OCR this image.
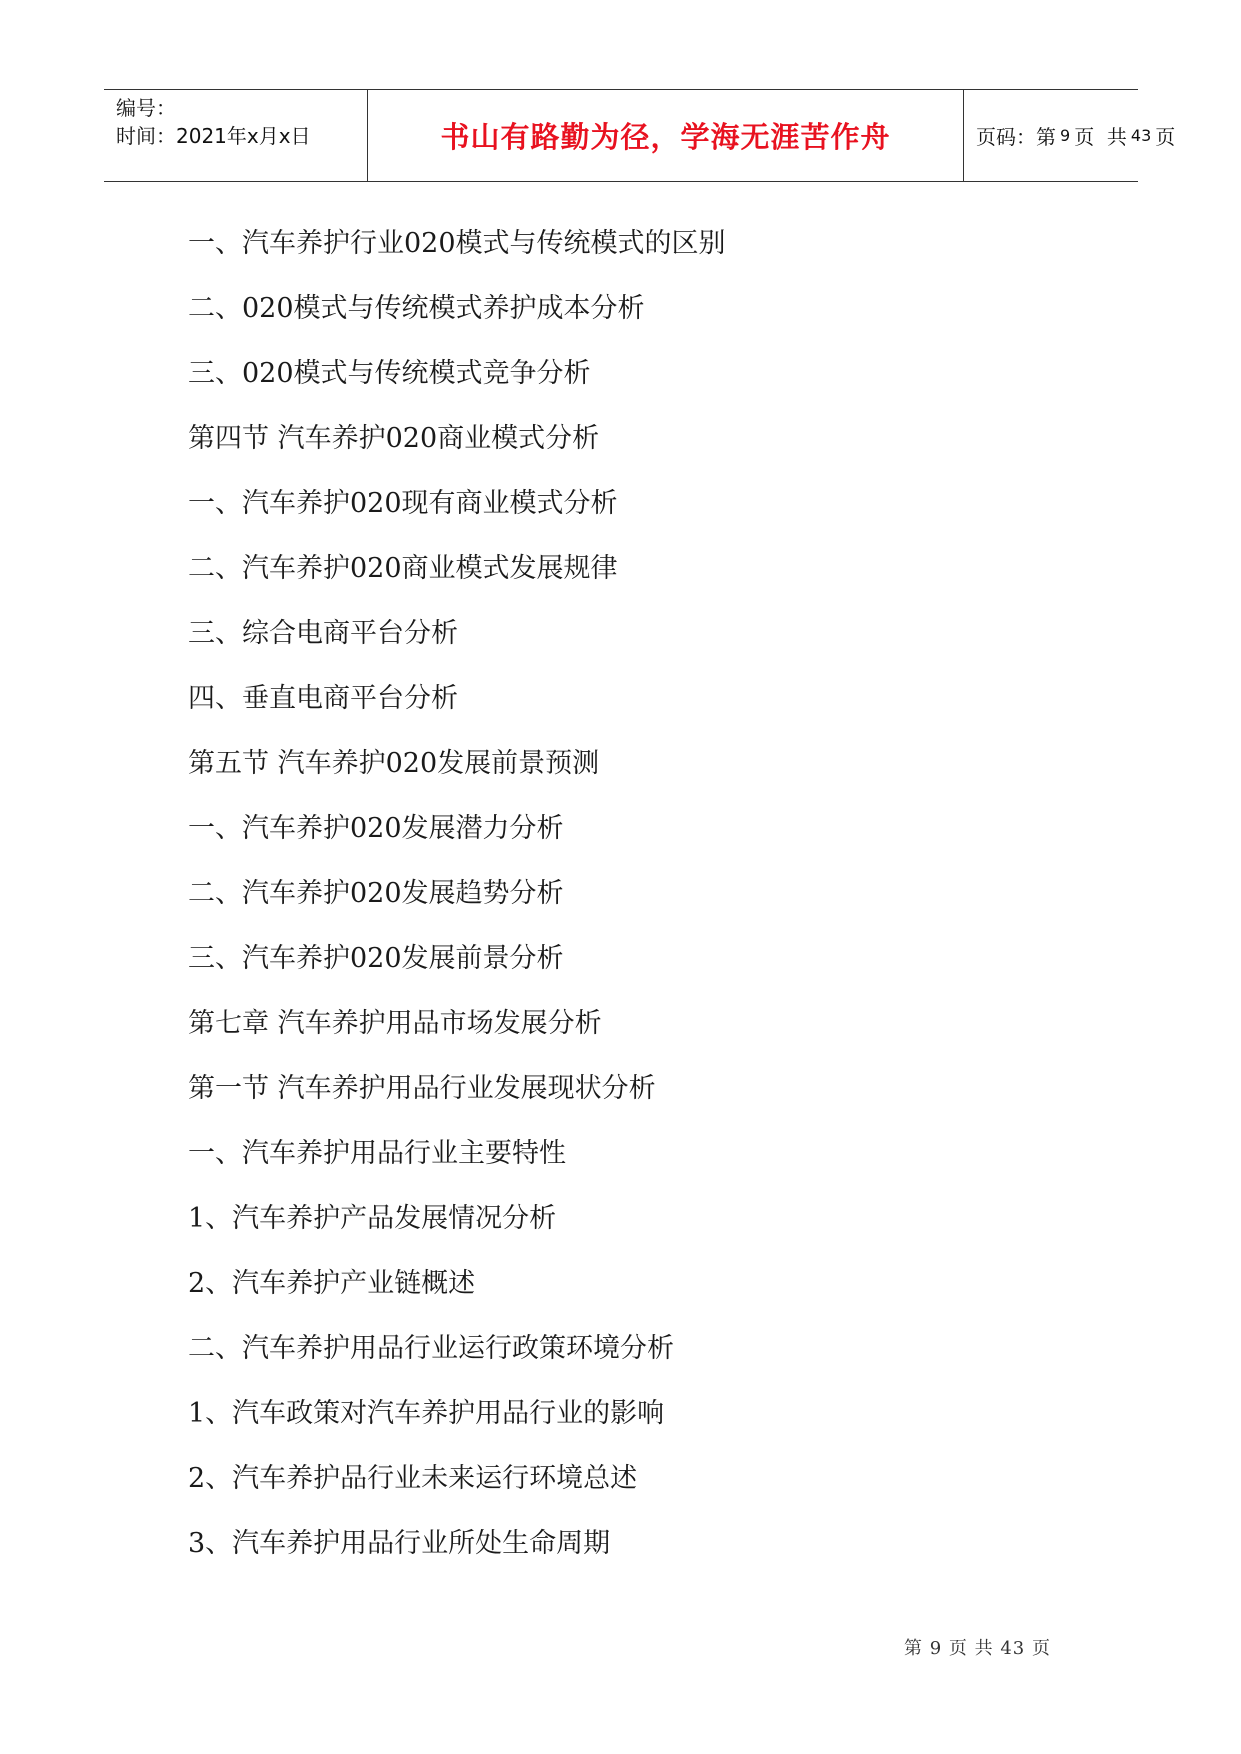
编号：
时间：2021年x月x日	书山有路勤为径，学海无涯苦作舟	页码：第 9 页  共 43 页
一、汽车养护行业020模式与传统模式的区别
二、020模式与传统模式养护成本分析
三、020模式与传统模式竞争分析
第四节 汽车养护020商业模式分析
一、汽车养护020现有商业模式分析
二、汽车养护020商业模式发展规律
三、综合电商平台分析
四、垂直电商平台分析
第五节 汽车养护020发展前景预测
一、汽车养护020发展潜力分析
二、汽车养护020发展趋势分析
三、汽车养护020发展前景分析
第七章 汽车养护用品市场发展分析
第一节 汽车养护用品行业发展现状分析
一、汽车养护用品行业主要特性
1、汽车养护产品发展情况分析
2、汽车养护产业链概述
二、汽车养护用品行业运行政策环境分析
1、汽车政策对汽车养护用品行业的影响
2、汽车养护品行业未来运行环境总述
3、汽车养护用品行业所处生命周期
第 9 页 共 43 页
